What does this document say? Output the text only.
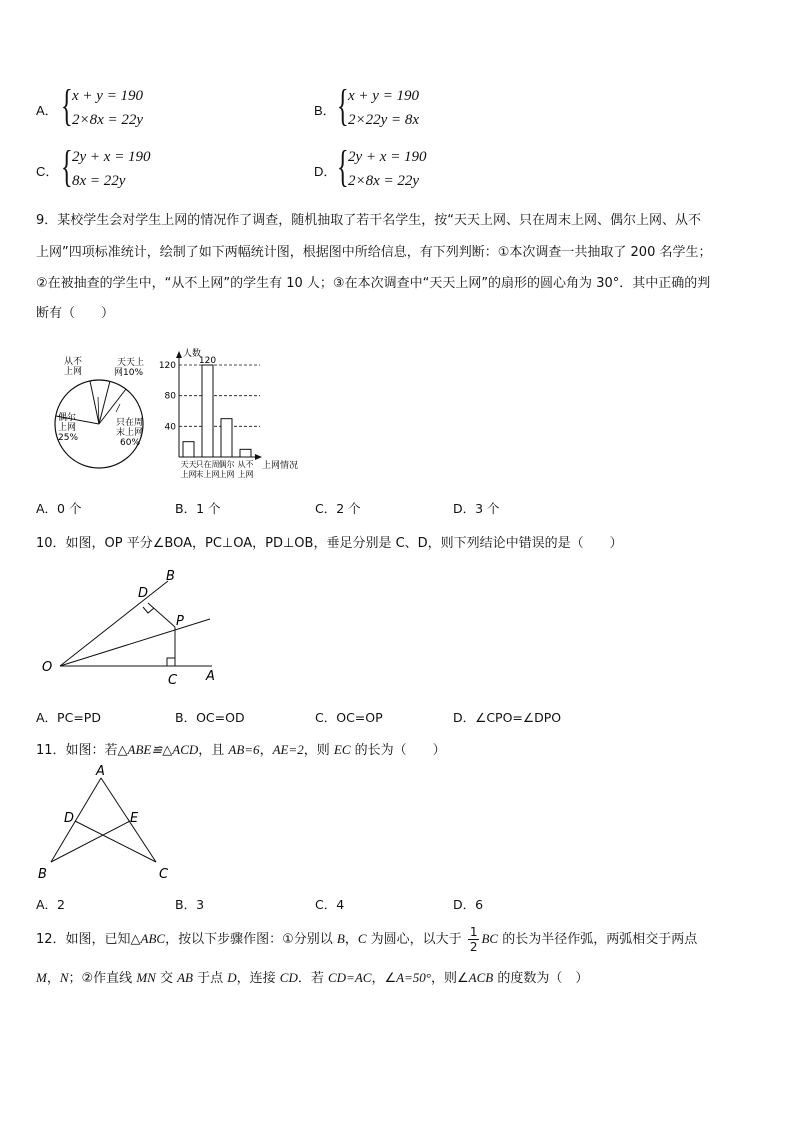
A． { x + y = 190
2×8x = 22y
B． { x + y = 190
2×22y = 8x
C． { 2y + x = 190
8x = 22y
D． { 2y + x = 190
2×8x = 22y
9．某校学生会对学生上网的情况作了调查，随机抽取了若干名学生，按“天天上网、只在周末上网、偶尔上网、从不
上网”四项标准统计，绘制了如下两幅统计图，根据图中所给信息，有下列判断：①本次调查一共抽取了 200 名学生；
②在被抽查的学生中，“从不上网”的学生有 10 人；③在本次调查中“天天上网”的扇形的圆心角为 30°．其中正确的判
断有（　　）
从不
上网
天天上
网10%
偶尔
上网
25%
只在周
末上网
60%
人数
上网情况
40
80
120
天天
上网
只在周
末上网
偶尔
上网
从不
上网
120
A．0 个	B．1 个	C．2 个	D．3 个
10．如图，OP 平分∠BOA，PC⊥OA，PD⊥OB，垂足分别是 C、D，则下列结论中错误的是（　　）
O
A
B
C
D
P
A．PC=PD	B．OC=OD	C．OC=OP	D．∠CPO=∠DPO
11．如图：若△ABE≌△ACD，且 AB=6，AE=2，则 EC 的长为（　　）
A
B	C
D	E
A．2	B．3	C．4	D．6
12．如图，已知△ABC，按以下步骤作图：①分别以 B，C 为圆心，以大于 $\frac{1}{2}$ BC 的长为半径作弧，两弧相交于两点
M，N；②作直线 MN 交 AB 于点 D，连接 CD．若 CD=AC，∠A=50°，则∠ACB 的度数为（　）
